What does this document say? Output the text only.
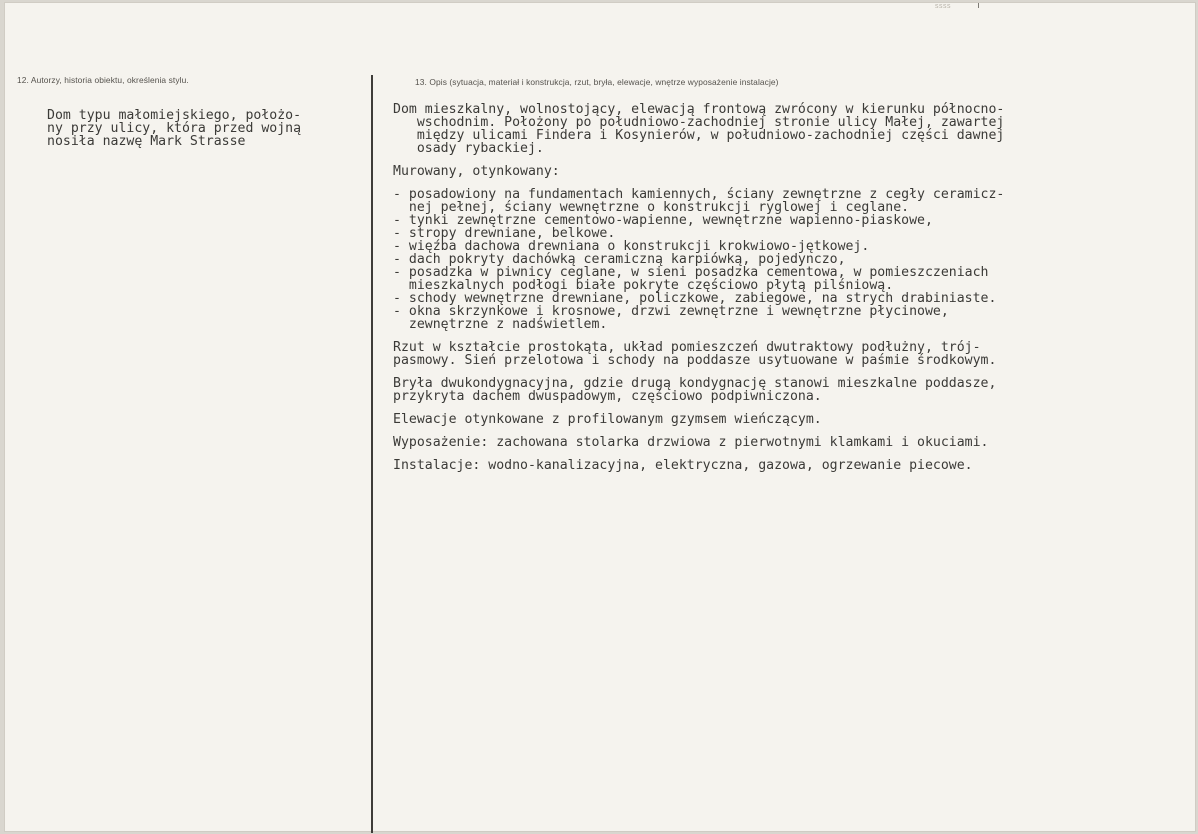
ѕѕѕѕ
12. Autorzy, historia obiektu, określenia stylu.	13. Opis (sytuacja, materiał i konstrukcja, rzut, bryła, elewacje, wnętrze wyposażenie instalacje)
Dom typu małomiejskiego, położo-
ny przy ulicy, która przed wojną
nosiła nazwę Mark Strasse
Dom mieszkalny, wolnostojący, elewacją frontową zwrócony w kierunku północno-
wschodnim. Położony po południowo-zachodniej stronie ulicy Małej, zawartej
między ulicami Findera i Kosynierów, w południowo-zachodniej części dawnej
osady rybackiej.
Murowany, otynkowany:
- posadowiony na fundamentach kamiennych, ściany zewnętrzne z cegły ceramicz-
nej pełnej, ściany wewnętrzne o konstrukcji ryglowej i ceglane.
- tynki zewnętrzne cementowo-wapienne, wewnętrzne wapienno-piaskowe,
- stropy drewniane, belkowe.
- więźba dachowa drewniana o konstrukcji krokwiowo-jętkowej.
- dach pokryty dachówką ceramiczną karpiówką, pojedynczo,
- posadzka w piwnicy ceglane, w sieni posadzka cementowa, w pomieszczeniach
mieszkalnych podłogi białe pokryte częściowo płytą pilśniową.
- schody wewnętrzne drewniane, policzkowe, zabiegowe, na strych drabiniaste.
- okna skrzynkowe i krosnowe, drzwi zewnętrzne i wewnętrzne płycinowe,
zewnętrzne z nadświetlem.
Rzut w kształcie prostokąta, układ pomieszczeń dwutraktowy podłużny, trój-
pasmowy. Sień przelotowa i schody na poddasze usytuowane w paśmie środkowym.
Bryła dwukondygnacyjna, gdzie drugą kondygnację stanowi mieszkalne poddasze,
przykryta dachem dwuspadowym, częściowo podpiwniczona.
Elewacje otynkowane z profilowanym gzymsem wieńczącym.
Wyposażenie: zachowana stolarka drzwiowa z pierwotnymi klamkami i okuciami.
Instalacje: wodno-kanalizacyjna, elektryczna, gazowa, ogrzewanie piecowe.
